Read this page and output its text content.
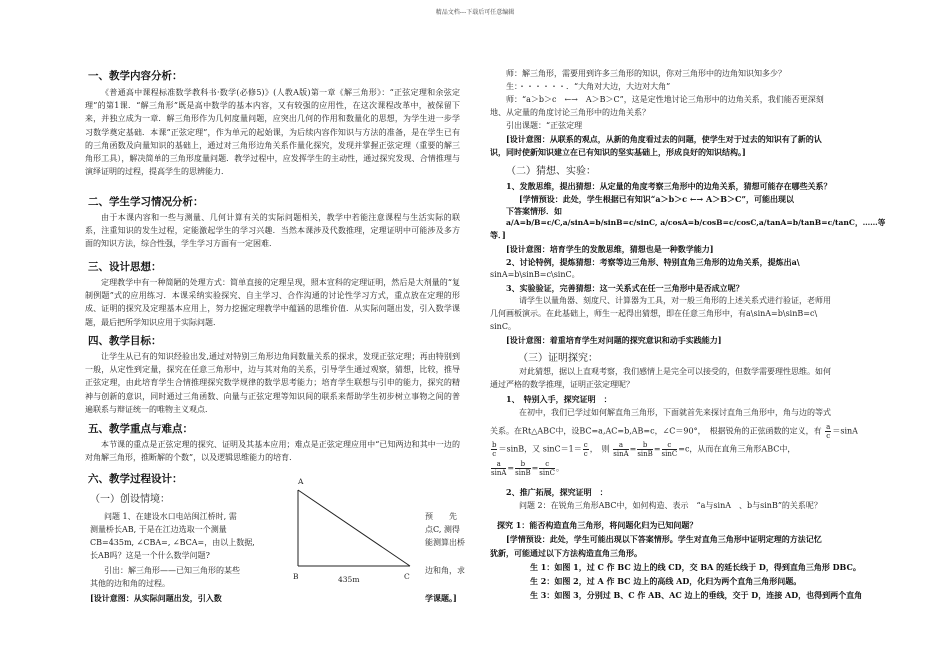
精品文档---下载后可任意编辑
一、教学内容分析：
《普通高中课程标准数学教科书·数学(必修5)》(人教A版)第一章《解三角形》：“正弦定理和余弦定理”的第1课．“解三角形”既是高中数学的基本内容，又有较强的应用性，在这次课程改革中，被保留下来，并独立成为一章．解三角形作为几何度量问题，应突出几何的作用和数量化的思想，为学生进一步学习数学奠定基础．本课“正弦定理”，作为单元的起始课，为后续内容作知识与方法的准备，是在学生已有的三角函数及向量知识的基础上，通过对三角形边角关系作量化探究，发现并掌握正弦定理（重要的解三角形工具），解决简单的三角形度量问题．教学过程中，应发挥学生的主动性，通过探究发现、合情推理与演绎证明的过程，提高学生的思辨能力．
二、学生学习情况分析：
由于本课内容和一些与测量、几何计算有关的实际问题相关，教学中若能注意课程与生活实际的联系，注重知识的发生过程，定能激起学生的学习兴趣．当然本课涉及代数推理，定理证明中可能涉及多方面的知识方法，综合性强，学生学习方面有一定困难．
三、设计思想：
定理教学中有一种简陋的处理方式：简单直接的定理呈现，照本宣科的定理证明，然后是大剂量的“复制例题”式的应用练习．本课采纳实验探究、自主学习、合作沟通的讨论性学习方式，重点放在定理的形成、证明的探究及定理基本应用上，努力挖掘定理教学中蕴涵的思维价值．从实际问题出发，引入数学课题，最后把所学知识应用于实际问题．
四、教学目标：
让学生从已有的知识经验出发,通过对特别三角形边角间数量关系的探求，发现正弦定理；再由特别到一般，从定性到定量，探究在任意三角形中，边与其对角的关系，引导学生通过观察，猜想，比较，推导正弦定理，由此培育学生合情推理探究数学规律的数学思考能力；培育学生联想与引申的能力，探究的精神与创新的意识，同时通过三角函数、向量与正弦定理等知识间的联系来帮助学生初步树立事物之间的普遍联系与辩证统一的唯物主义观点．
五、教学重点与难点：
本节课的重点是正弦定理的探究、证明及其基本应用；难点是正弦定理应用中“已知两边和其中一边的对角解三角形，推断解的个数”，以及逻辑思维能力的培育．
六、教学过程设计：
（一）创设情境：
问题 1、在建设水口电站闽江桥时, 需
测量桥长AB, 于是在江边选取一个测量
CB=435m, ∠CBA=, ∠BCA=，由以上数据,
长AB吗？这是一个什么数学问题?
引出：解三角形——已知三角形的某些
其他的边和角的过程。
[设计意图：从实际问题出发，引入数
A
B	C
435m
预　　先
点C, 测得
能测算出桥
边和角，求
学课题。]
师：解三角形，需要用到许多三角形的知识，你对三角形中的边角知识知多少？
生：・・・・・・．“大角对大边，大边对大角”
师：“a＞b＞c　←→　A＞B＞C”，这是定性地讨论三角形中的边角关系，我们能否更深刻
地、从定量的角度讨论三角形中的边角关系？
引出课题：“正弦定理
[设计意图：从联系的观点，从新的角度看过去的问题，使学生对于过去的知识有了新的认
识，同时使新知识建立在已有知识的坚实基础上，形成良好的知识结构。]
（二）猜想、实验：
1、发散思维，提出猜想：从定量的角度考察三角形中的边角关系，猜想可能存在哪些关系？
[学情预设：此处，学生根据已有知识“a＞b＞c ←→ A＞B＞C”，可能出现以
下答案情形．如
a/A=b/B=c/C,a/sinA=b/sinB=c/sinC, a/cosA=b/cosB=c/cosC,a/tanA=b/tanB=c/tanC，……等
等．]
[设计意图：培育学生的发散思维，猜想也是一种数学能力]
2、讨论特例，提炼猜想：考察等边三角形、特别直角三角形的边角关系，提炼出a\
sinA=b\sinB=c\sinC。
3、实验验证，完善猜想：这一关系式在任一三角形中是否成立呢？
请学生以量角器、刻度尺、计算器为工具，对一般三角形的上述关系式进行验证，老师用
几何画板演示。在此基础上，师生一起得出猜想，即在任意三角形中，有a\sinA=b\sinB=c\
sinC。
[设计意图：着重培育学生对问题的探究意识和动手实践能力]
（三）证明探究：
对此猜想，据以上直观考察，我们感情上是完全可以接受的，但数学需要理性思维。如何
通过严格的数学推理，证明正弦定理呢？
1、　特别入手，探究证明　：
在初中，我们已学过如何解直角三角形，下面就首先来探讨直角三角形中，角与边的等式
关系。在Rt△ABC中，设BC=a,AC=b,AB=c，∠C＝90°，　根据锐角的正弦函数的定义，有 $\frac{a}{c} =\sin A$
$\frac{b}{c} =\sin B$，又 $\sin C=1= \frac{c}{c}$ ，　则 $\frac{a}{\sin A} = \frac{b}{\sin B} = \frac{c}{\sin C} =c$，从而在直角三角形ABC中，
$\frac{a}{\sin A} = \frac{b}{\sin B} = \frac{c}{\sin C}$ 。
2、推广拓展，探究证明　：
问题 2：在锐角三角形ABC中，如何构造、表示　“a与sinA　、b与sinB”的关系呢？
探究 1：能否构造直角三角形，将问题化归为已知问题？
[学情预设：此处，学生可能出现以下答案情形。学生对直角三角形中证明定理的方法记忆
犹新，可能通过以下方法构造直角三角形。
生 1：如图 1，过 C 作 BC 边上的线 CD，交 BA 的延长线于 D，得到直角三角形 DBC。
生 2：如图 2，过 A 作 BC 边上的高线 AD，化归为两个直角三角形问题。
生 3：如图 3，分别过 B、C 作 AB、AC 边上的垂线，交于 D，连接 AD，也得到两个直角
